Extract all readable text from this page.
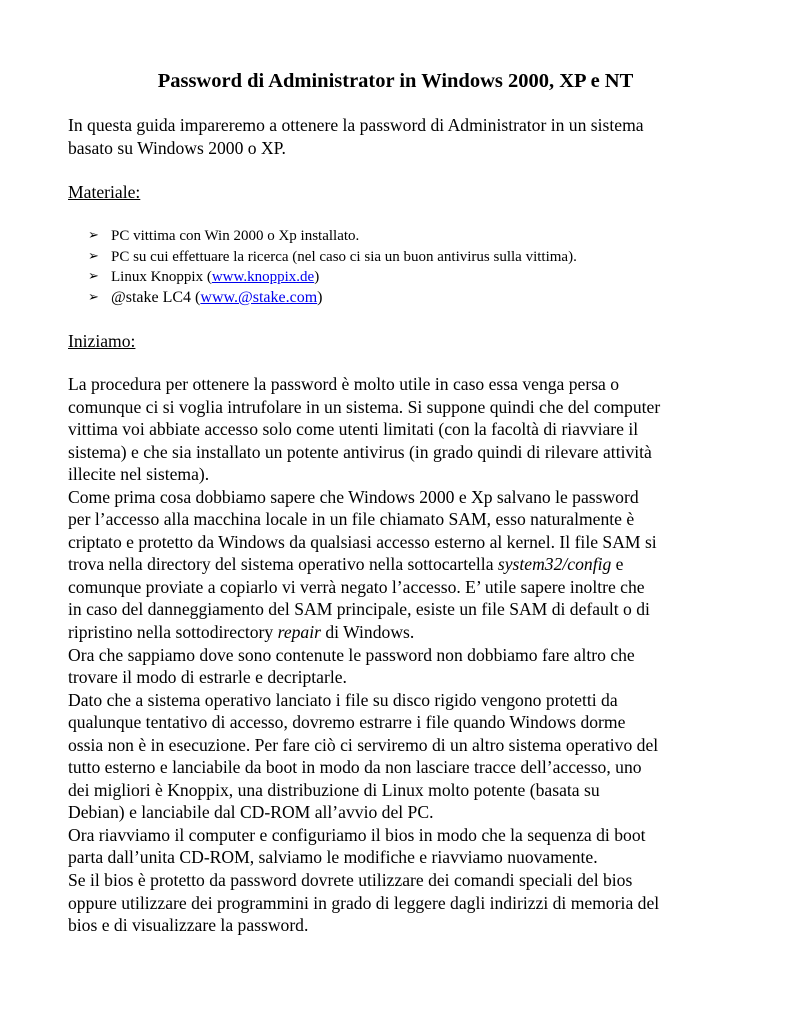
Password di Administrator in Windows 2000, XP e NT
In questa guida impareremo a ottenere la password di Administrator in un sistema
basato su Windows 2000 o XP.
Materiale:
➢ PC vittima con Win 2000 o Xp installato.
➢ PC su cui effettuare la ricerca (nel caso ci sia un buon antivirus sulla vittima).
➢ Linux Knoppix (www.knoppix.de)
➢ @stake LC4 (www.@stake.com)
Iniziamo:
La procedura per ottenere la password è molto utile in caso essa venga persa o
comunque ci si voglia intrufolare in un sistema. Si suppone quindi che del computer
vittima voi abbiate accesso solo come utenti limitati (con la facoltà di riavviare il
sistema) e che sia installato un potente antivirus (in grado quindi di rilevare attività
illecite nel sistema).
Come prima cosa dobbiamo sapere che Windows 2000 e Xp salvano le password
per l’accesso alla macchina locale in un file chiamato SAM, esso naturalmente è
criptato e protetto da Windows da qualsiasi accesso esterno al kernel. Il file SAM si
trova nella directory del sistema operativo nella sottocartella system32/config e
comunque proviate a copiarlo vi verrà negato l’accesso. E’ utile sapere inoltre che
in caso del danneggiamento del SAM principale, esiste un file SAM di default o di
ripristino nella sottodirectory repair di Windows.
Ora che sappiamo dove sono contenute le password non dobbiamo fare altro che
trovare il modo di estrarle e decriptarle.
Dato che a sistema operativo lanciato i file su disco rigido vengono protetti da
qualunque tentativo di accesso, dovremo estrarre i file quando Windows dorme
ossia non è in esecuzione. Per fare ciò ci serviremo di un altro sistema operativo del
tutto esterno e lanciabile da boot in modo da non lasciare tracce dell’accesso, uno
dei migliori è Knoppix, una distribuzione di Linux molto potente (basata su
Debian) e lanciabile dal CD-ROM all’avvio del PC.
Ora riavviamo il computer e configuriamo il bios in modo che la sequenza di boot
parta dall’unita CD-ROM, salviamo le modifiche e riavviamo nuovamente.
Se il bios è protetto da password dovrete utilizzare dei comandi speciali del bios
oppure utilizzare dei programmini in grado di leggere dagli indirizzi di memoria del
bios e di visualizzare la password.
